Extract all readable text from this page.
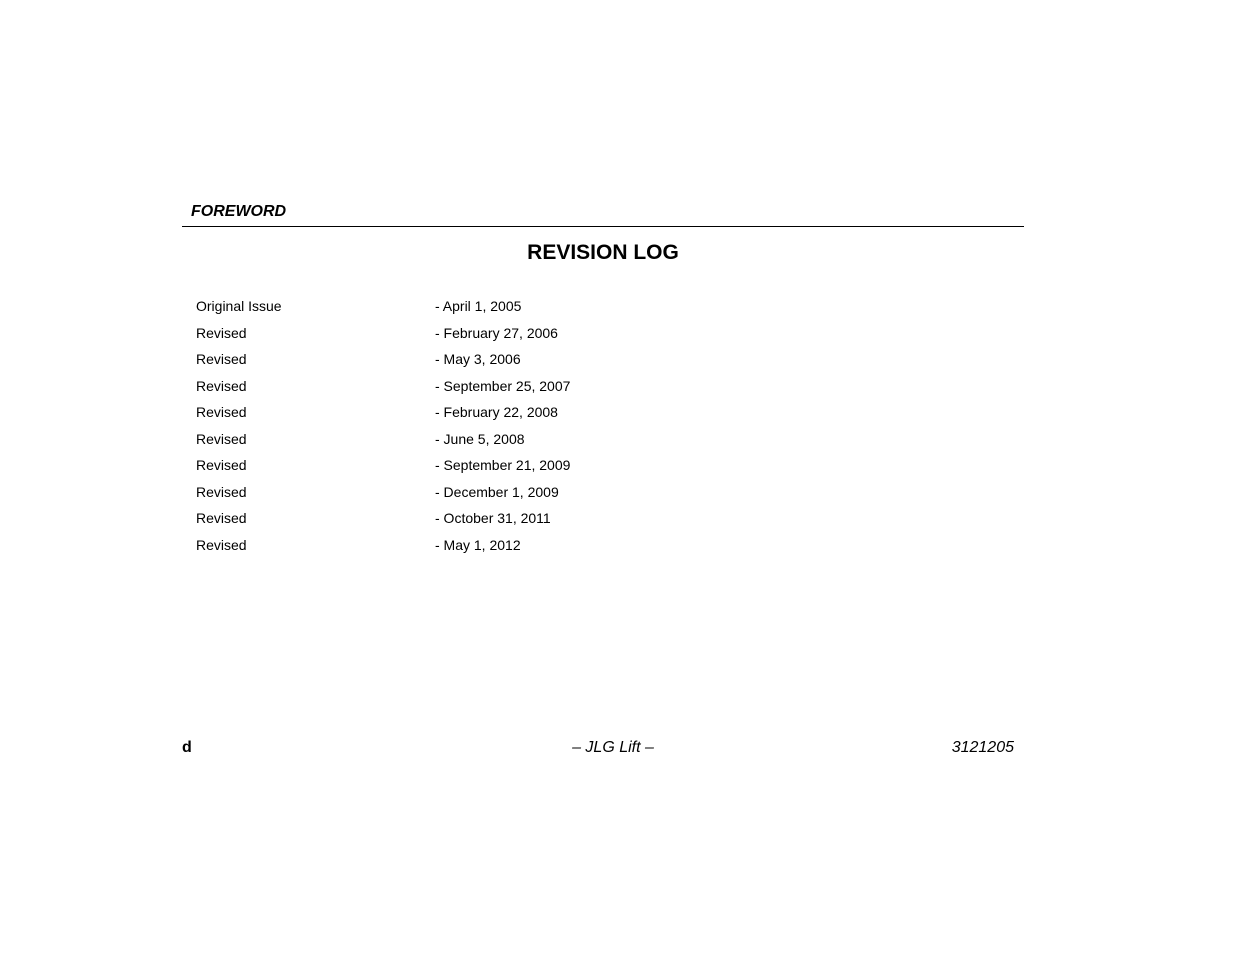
FOREWORD
REVISION LOG
Original Issue	- April 1, 2005
Revised	- February 27, 2006
Revised	- May 3, 2006
Revised	- September 25, 2007
Revised	- February 22, 2008
Revised	- June 5, 2008
Revised	- September 21, 2009
Revised	- December 1, 2009
Revised	- October 31, 2011
Revised	- May 1, 2012
d	– JLG Lift –	3121205
